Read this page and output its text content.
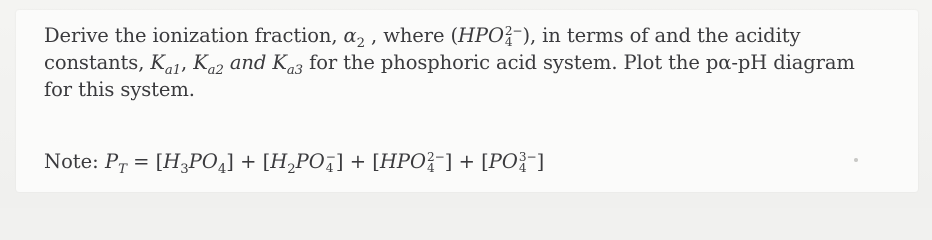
Derive the ionization fraction, $\alpha_2$ , where (HPO 2−
4 ), in terms of and the acidity
constants, $K_{a1}$, $K_{a2}$ and $K_{a3}$ for the phosphoric acid system. Plot the pα-pH diagram
for this system.
Note: $P_T = [H_3PO_4] + [H_2PO$ −
4 ] + [HPO 2−
4 ] + [PO 3−
4 ]
